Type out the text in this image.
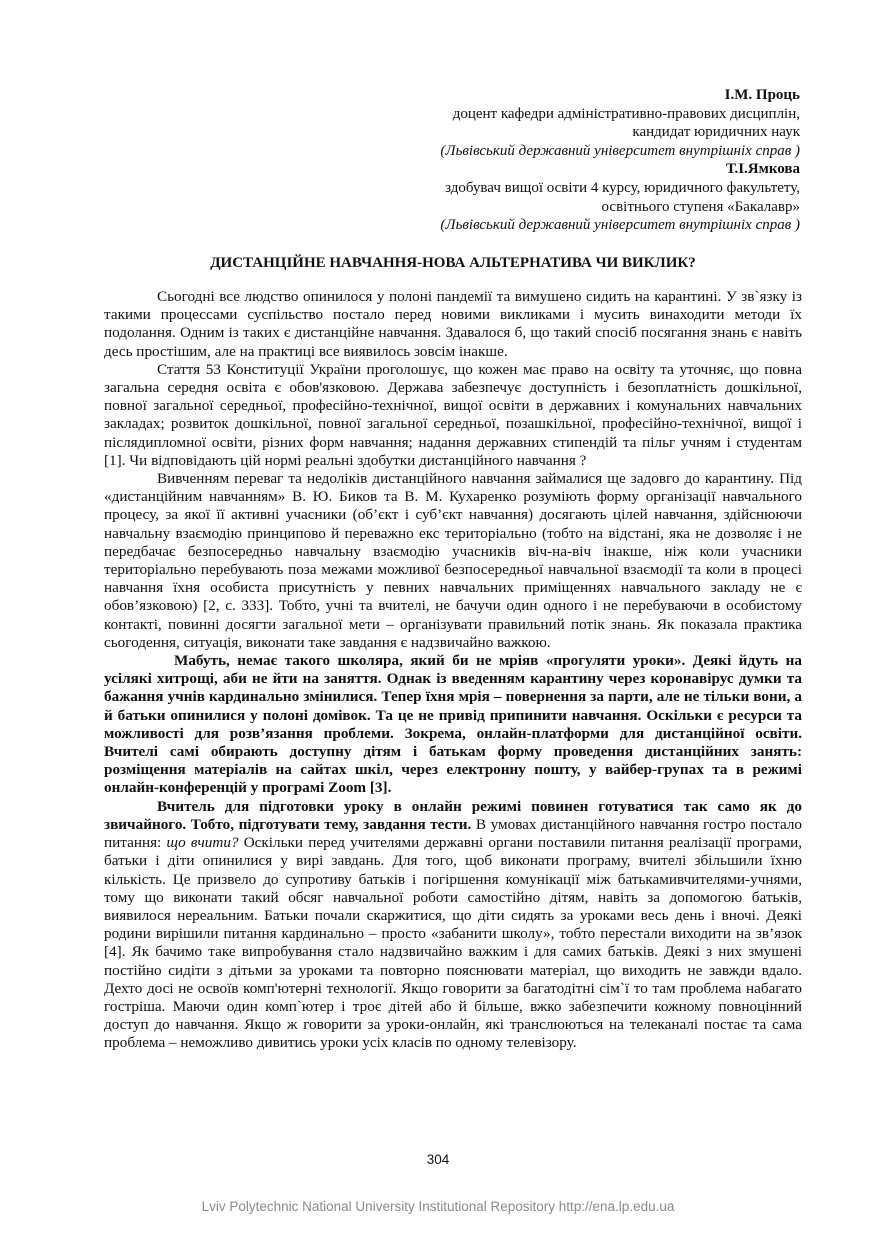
І.М. Проць
доцент кафедри адміністративно-правових дисциплін,
кандидат юридичних наук
(Львівський державний університет внутрішніх справ )
Т.І.Ямкова
здобувач вищої освіти 4 курсу, юридичного факультету,
освітнього ступеня «Бакалавр»
(Львівський державний університет внутрішніх справ )
ДИСТАНЦІЙНЕ НАВЧАННЯ-НОВА АЛЬТЕРНАТИВА ЧИ ВИКЛИК?

Сьогодні все людство опинилося у полоні пандемії та вимушено сидить на карантині. У зв`язку із такими процессами суспільство постало перед новими викликами і мусить винаходити методи їх подолання. Одним із таких є дистанційне навчання. Здавалося б, що такий спосіб посягання знань є навіть десь простішим, але на практиці все виявилось зовсім інакше.

Стаття 53 Конституції України проголошує, що кожен має право на освіту та уточняє, що повна загальна середня освіта є обов'язковою. Держава забезпечує доступність і безоплатність дошкільної, повної загальної середньої, професійно-технічної, вищої освіти в державних і комунальних навчальних закладах; розвиток дошкільної, повної загальної середньої, позашкільної, професійно-технічної, вищої і післядипломної освіти, різних форм навчання; надання державних стипендій та пільг учням і студентам [1]. Чи відповідають цій нормі реальні здобутки дистанційного навчання ?

Вивченням переваг та недоліків дистанційного навчання займалися ще задовго до карантину. Під «дистанційним навчанням» В. Ю. Биков та В. М. Кухаренко розуміють форму організації навчального процесу, за якої її активні учасники (об’єкт і суб’єкт навчання) досягають цілей навчання, здійснюючи навчальну взаємодію принципово й переважно екс територіально (тобто на відстані, яка не дозволяє і не передбачає безпосередньо навчальну взаємодію учасників віч-на-віч інакше, ніж коли учасники територіально перебувають поза межами можливої безпосередньої навчальної взаємодії та коли в процесі навчання їхня особиста присутність у певних навчальних приміщеннях навчального закладу не є обов’язковою) [2, с. 333]. Тобто, учні та вчителі, не бачучи один одного і не перебуваючи в особистому контакті, повинні досягти загальної мети – організувати правильний потік знань. Як показала практика сьогодення, ситуація, виконати таке завдання є надзвичайно важкою.

Мабуть, немає такого школяра, який би не мріяв «прогуляти уроки». Деякі йдуть на усілякі хитрощі, аби не йти на заняття. Однак із введенням карантину через коронавірус думки та бажання учнів кардинально змінилися. Тепер їхня мрія – повернення за парти, але не тільки вони, а й батьки опинилися у полоні домівок. Та це не привід припинити навчання. Оскільки є ресурси та можливості для розв’язання проблеми. Зокрема, онлайн-платформи для дистанційної освіти. Вчителі самі обирають доступну дітям і батькам форму проведення дистанційних занять: розміщення матеріалів на сайтах шкіл, через електронну пошту, у вайбер-групах та в режимі онлайн-конференцій у програмі Zoom [3].

Вчитель для підготовки уроку в онлайн режимі повинен готуватися так само як до звичайного. Тобто, підготувати тему, завдання тести. В умовах дистанційного навчання гостро постало питання: що вчити? Оскільки перед учителями державні органи поставили питання реалізації програми, батьки і діти опинилися у вирі завдань. Для того, щоб виконати програму, вчителі збільшили їхню кількість. Це призвело до супротиву батьків і погіршення комунікації між батькамивчителями-учнями, тому що виконати такий обсяг навчальної роботи самостійно дітям, навіть за допомогою батьків, виявилося нереальним. Батьки почали скаржитися, що діти сидять за уроками весь день і вночі. Деякі родини вирішили питання кардинально – просто «забанити школу», тобто перестали виходити на зв’язок [4]. Як бачимо таке випробування стало надзвичайно важким і для самих батьків. Деякі з них змушені постійно сидіти з дітьми за уроками та повторно пояснювати матеріал, що виходить не завжди вдало. Дехто досі не освоїв комп'ютерні технології. Якщо говорити за багатодітні сім`ї то там проблема набагато гостріша. Маючи один комп`ютер і троє дітей або й більше, вжко забезпечити кожному повноцінний доступ до навчання. Якщо ж говорити за уроки-онлайн, які транслюються на телеканалі постає та сама проблема – неможливо дивитись уроки усіх класів по одному телевізору.

304
Lviv Polytechnic National University Institutional Repository http://ena.lp.edu.ua
